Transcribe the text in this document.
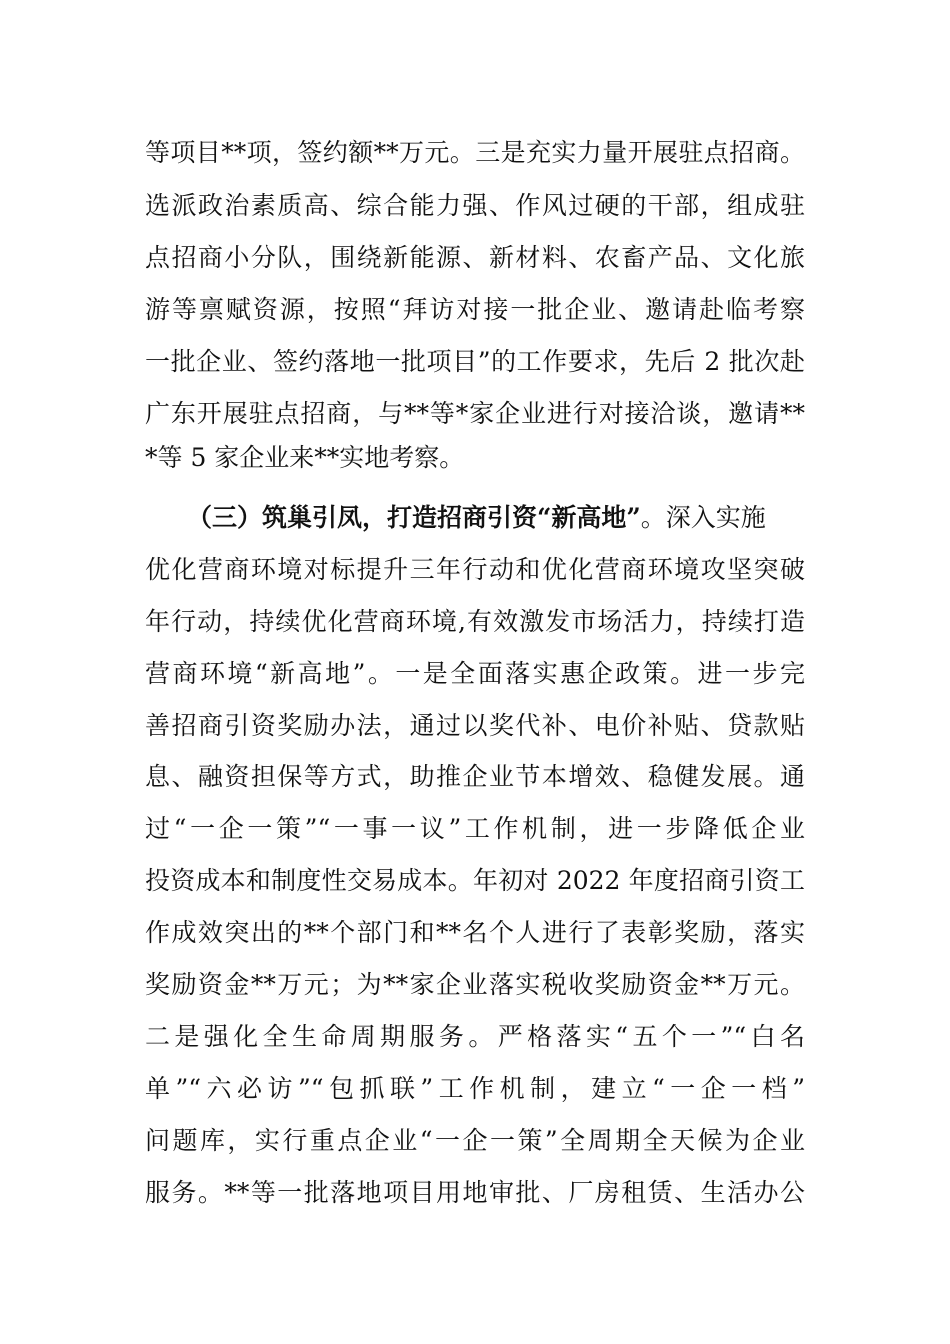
等项目**项，签约额**万元。三是充实力量开展驻点招商。
选派政治素质高、综合能力强、作风过硬的干部，组成驻
点招商小分队，围绕新能源、新材料、农畜产品、文化旅
游等禀赋资源，按照“拜访对接一批企业、邀请赴临考察
一批企业、签约落地一批项目”的工作要求，先后 2 批次赴
广东开展驻点招商，与**等*家企业进行对接洽谈，邀请**
*等 5 家企业来**实地考察。
（三）筑巢引凤，打造招商引资“新高地”。深入实施
优化营商环境对标提升三年行动和优化营商环境攻坚突破
年行动，持续优化营商环境,有效激发市场活力，持续打造
营商环境“新高地”。一是全面落实惠企政策。进一步完
善招商引资奖励办法，通过以奖代补、电价补贴、贷款贴
息、融资担保等方式，助推企业节本增效、稳健发展。通
过“一企一策”“一事一议”工作机制，进一步降低企业
投资成本和制度性交易成本。年初对 2022 年度招商引资工
作成效突出的**个部门和**名个人进行了表彰奖励，落实
奖励资金**万元；为**家企业落实税收奖励资金**万元。
二是强化全生命周期服务。严格落实“五个一”“白名
单”“六必访”“包抓联”工作机制，建立“一企一档”
问题库，实行重点企业“一企一策”全周期全天候为企业
服务。**等一批落地项目用地审批、厂房租赁、生活办公
